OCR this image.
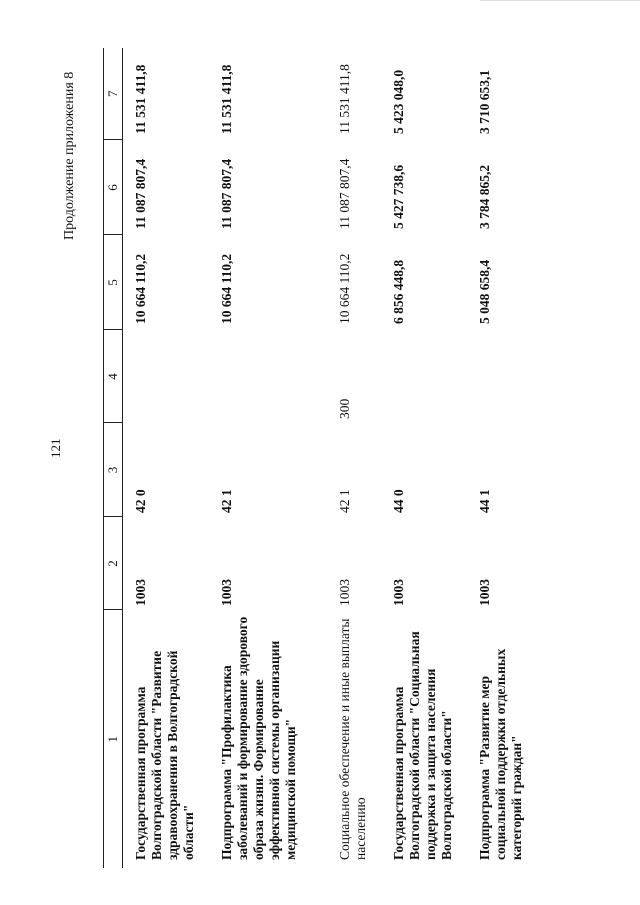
121
Продолжение приложения 8
1	2	3	4	5	6	7
Государственная программа Волгоградской области "Развитие здравоохранения в Волгоградской области"	1003	42 0		10 664 110,2	11 087 807,4	11 531 411,8
Подпрограмма "Профилактика заболеваний и формирование здорового образа жизни. Формирование эффективной системы организации медицинской помощи"	1003	42 1		10 664 110,2	11 087 807,4	11 531 411,8
Социальное обеспечение и иные выплаты населению	1003	42 1	300	10 664 110,2	11 087 807,4	11 531 411,8
Государственная программа Волгоградской области "Социальная поддержка и защита населения Волгоградской области"	1003	44 0		6 856 448,8	5 427 738,6	5 423 048,0
Подпрограмма "Развитие мер социальной поддержки отдельных категорий граждан"	1003	44 1		5 048 658,4	3 784 865,2	3 710 653,1
